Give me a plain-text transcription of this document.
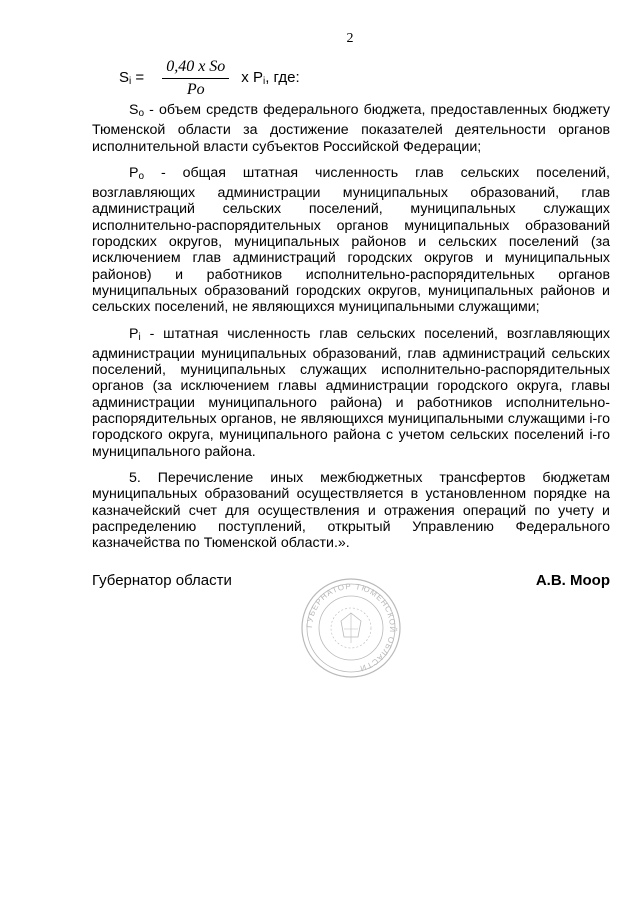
2
$S_i = \frac{\text{0,40 x So}}{Po}$ x $P_i$, где:

$S_о$ - объем средств федерального бюджета, предоставленных бюджету Тюменской области за достижение показателей деятельности органов исполнительной власти субъектов Российской Федерации;

$P_о$ - общая штатная численность глав сельских поселений, возглавляющих администрации муниципальных образований, глав администраций сельских поселений, муниципальных служащих исполнительно-распорядительных органов муниципальных образований городских округов, муниципальных районов и сельских поселений (за исключением глав администраций городских округов и муниципальных районов) и работников исполнительно-распорядительных органов муниципальных образований городских округов, муниципальных районов и сельских поселений, не являющихся муниципальными служащими;

$P_i$ - штатная численность глав сельских поселений, возглавляющих администрации муниципальных образований, глав администраций сельских поселений, муниципальных служащих исполнительно-распорядительных органов (за исключением главы администрации городского округа, главы администрации муниципального района) и работников исполнительно-распорядительных органов, не являющихся муниципальными служащими i-го городского округа, муниципального района с учетом сельских поселений i-го муниципального района.

5. Перечисление иных межбюджетных трансфертов бюджетам муниципальных образований осуществляется в установленном порядке на казначейский счет для осуществления и отражения операций по учету и распределению поступлений, открытый Управлению Федерального казначейства по Тюменской области.».

Губернатор области	А.В. Моор
ГУБЕРНАТОР ТЮМЕНСКОЙ ОБЛАСТИ
